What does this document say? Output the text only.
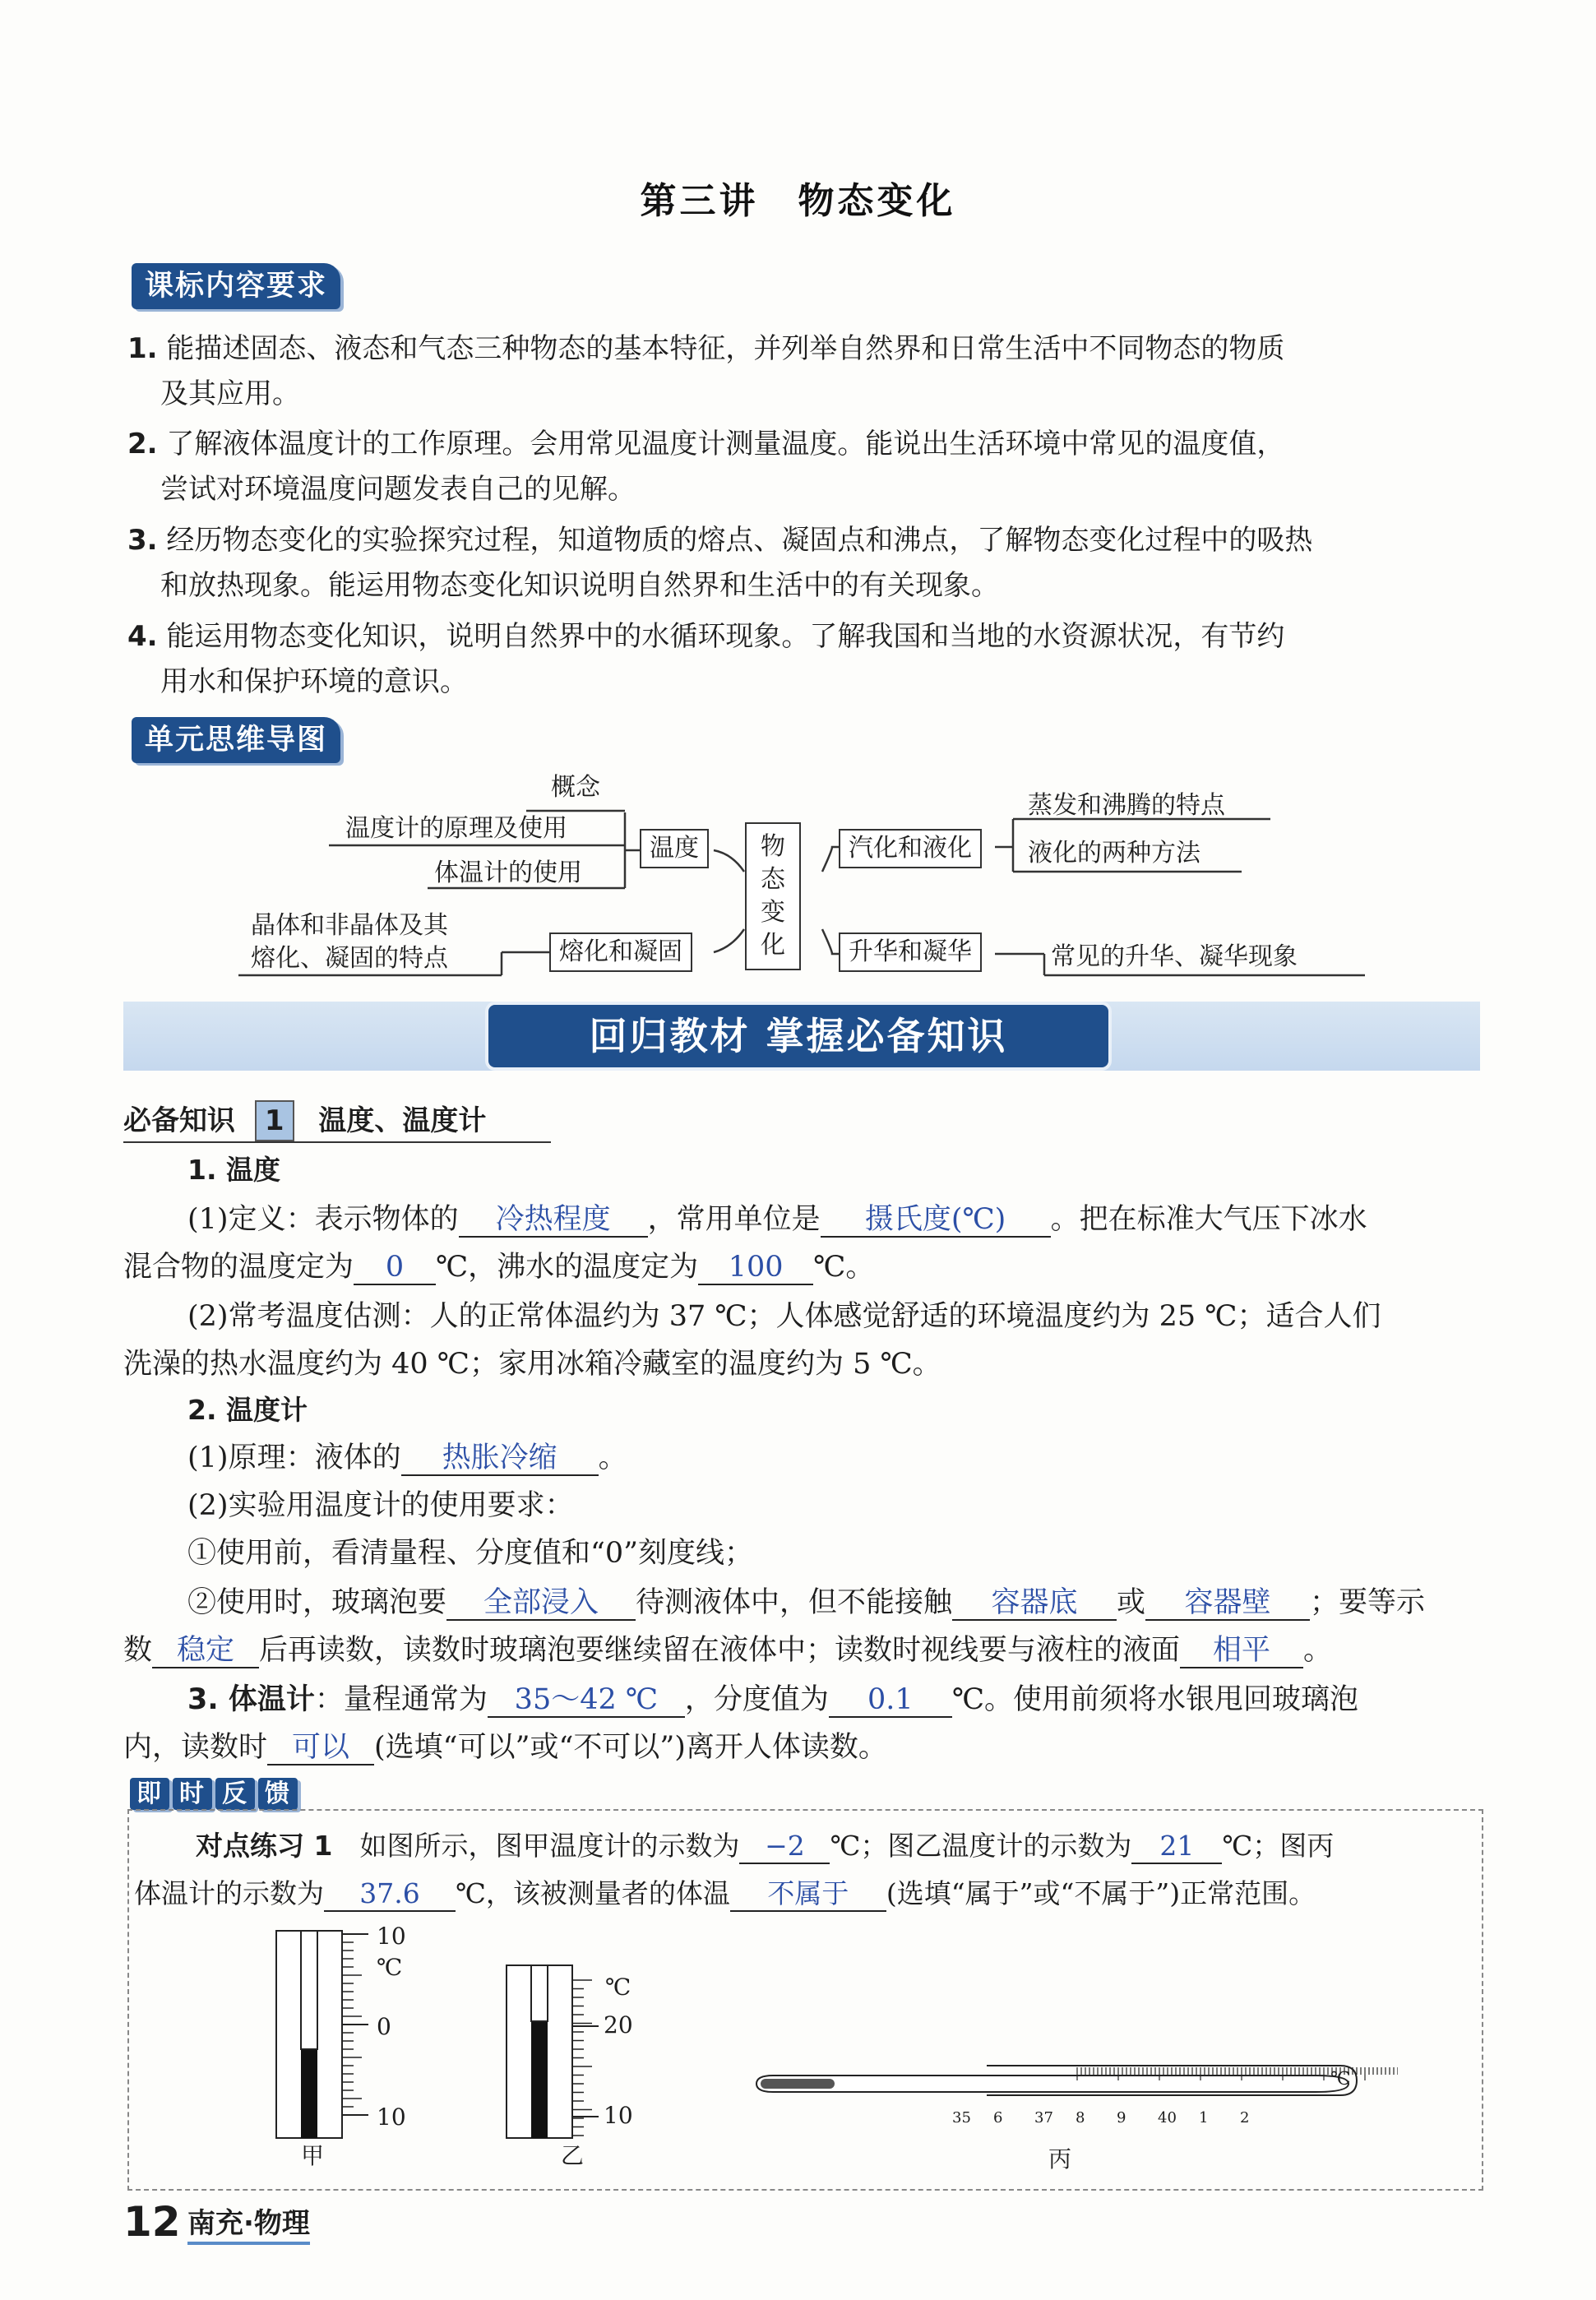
第三讲　物态变化
课标内容要求
1. 能描述固态、液态和气态三种物态的基本特征，并列举自然界和日常生活中不同物态的物质
及其应用。
2. 了解液体温度计的工作原理。会用常见温度计测量温度。能说出生活环境中常见的温度值，
尝试对环境温度问题发表自己的见解。
3. 经历物态变化的实验探究过程，知道物质的熔点、凝固点和沸点，了解物态变化过程中的吸热
和放热现象。能运用物态变化知识说明自然界和生活中的有关现象。
4. 能运用物态变化知识，说明自然界中的水循环现象。了解我国和当地的水资源状况，有节约
用水和保护环境的意识。
单元思维导图
概念
温度计的原理及使用
体温计的使用
温度	物
态
变
化
晶体和非晶体及其
熔化、凝固的特点	熔化和凝固
汽化和液化
蒸发和沸腾的特点
液化的两种方法
升华和凝华	常见的升华、凝华现象
回归教材 掌握必备知识
必备知识 1 温度、温度计
1. 温度
(1)定义：表示物体的 冷热程度 ，常用单位是 摄氏度(℃) 。把在标准大气压下冰水
混合物的温度定为 0 ℃，沸水的温度定为 100 ℃。
(2)常考温度估测：人的正常体温约为 37 ℃；人体感觉舒适的环境温度约为 25 ℃；适合人们
洗澡的热水温度约为 40 ℃；家用冰箱冷藏室的温度约为 5 ℃。
2. 温度计
(1)原理：液体的 热胀冷缩 。
(2)实验用温度计的使用要求：
①使用前，看清量程、分度值和“0”刻度线；
②使用时，玻璃泡要 全部浸入 待测液体中，但不能接触 容器底 或 容器壁 ；要等示
数 稳定 后再读数，读数时玻璃泡要继续留在液体中；读数时视线要与液柱的液面 相平 。
3. 体温计：量程通常为 35～42 ℃ ，分度值为 0.1 ℃。使用前须将水银甩回玻璃泡
内，读数时 可以 (选填“可以”或“不可以”)离开人体读数。
即 时 反 馈
对点练习 1　 如图所示，图甲温度计的示数为 −2 ℃；图乙温度计的示数为 21 ℃；图丙
体温计的示数为 37.6 ℃，该被测量者的体温 不属于 (选填“属于”或“不属于”)正常范围。
10
℃
0
10
甲
℃
20
10
乙
℃
丙
35 6 37 8 9 40 1 2
12 南充·物理
